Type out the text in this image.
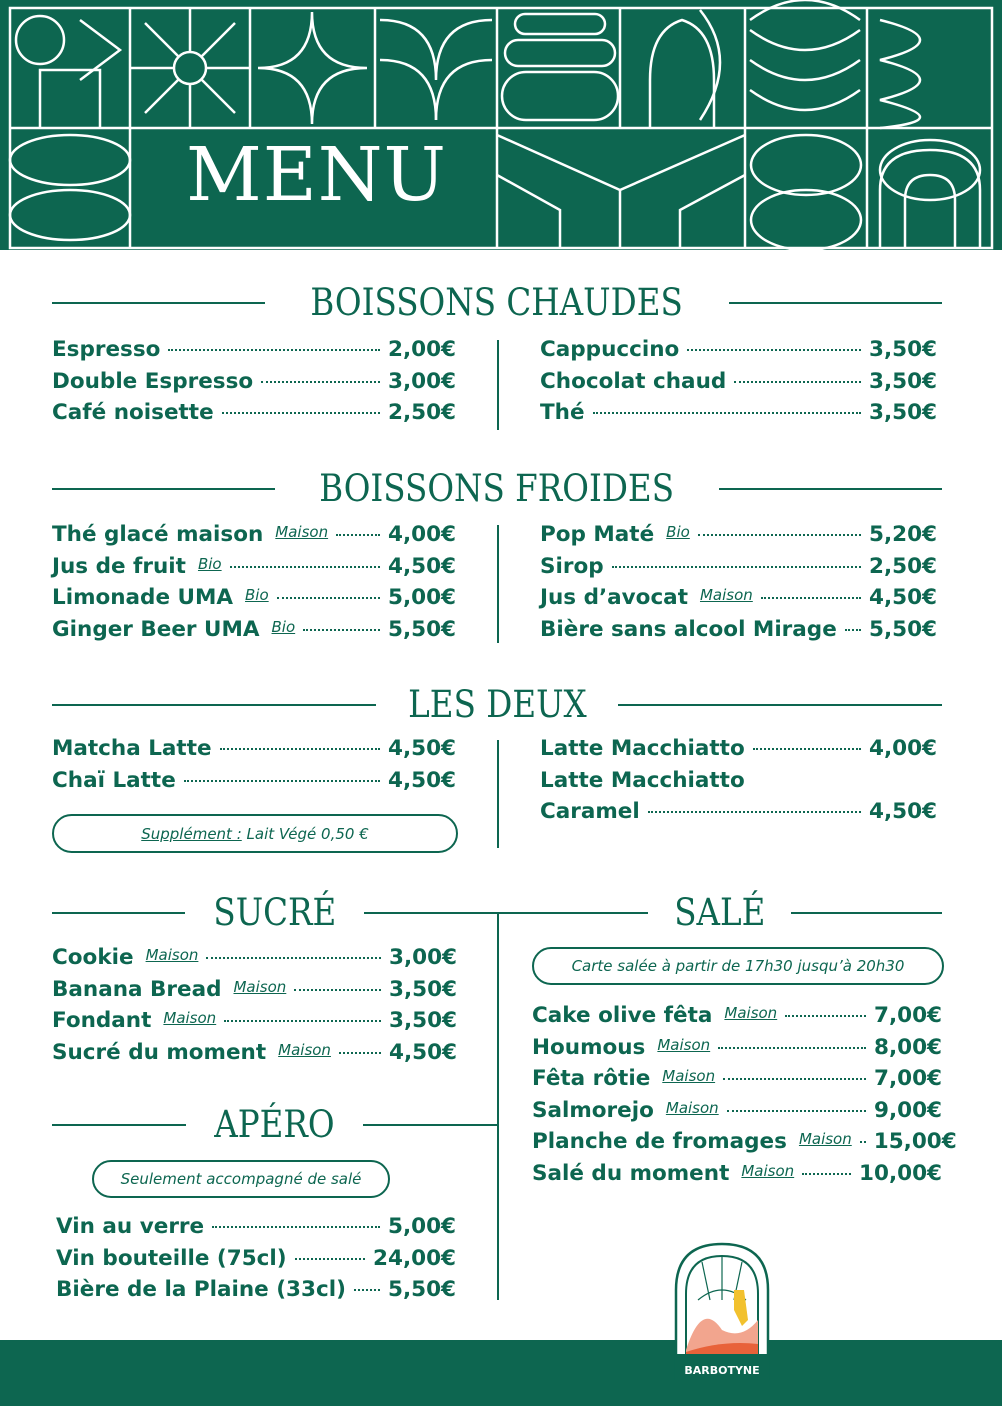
MENU
BOISSONS CHAUDES
Espresso	2,00€
Double Espresso	3,00€
Café noisette	2,50€
Cappuccino	3,50€
Chocolat chaud	3,50€
Thé	3,50€
BOISSONS FROIDES
Thé glacé maison Maison	4,00€
Jus de fruit Bio	4,50€
Limonade UMA Bio	5,00€
Ginger Beer UMA Bio	5,50€
Pop Maté Bio	5,20€
Sirop	2,50€
Jus d’avocat Maison	4,50€
Bière sans alcool Mirage 5,50€
LES DEUX
Matcha Latte	4,50€
Chaï Latte	4,50€
Supplément :
Lait Végé 0,50 €
Latte Macchiatto	4,00€
Latte Macchiatto
Caramel	4,50€
SUCRÉ
Cookie Maison	3,00€
Banana Bread Maison	3,50€
Fondant Maison	3,50€
Sucré du moment Maison	4,50€
SALÉ
Carte salée à partir de 17h30 jusqu’à 20h30
Cake olive fêta Maison	7,00€
Houmous Maison	8,00€
Fêta rôtie Maison	7,00€
Salmorejo Maison	9,00€
Planche de fromages Maison 15,00€
Salé du moment Maison	10,00€
APÉRO
Seulement accompagné de salé
Vin au verre	5,00€
Vin bouteille (75cl)	24,00€
Bière de la Plaine (33cl) 5,50€
BARBOTYNE
